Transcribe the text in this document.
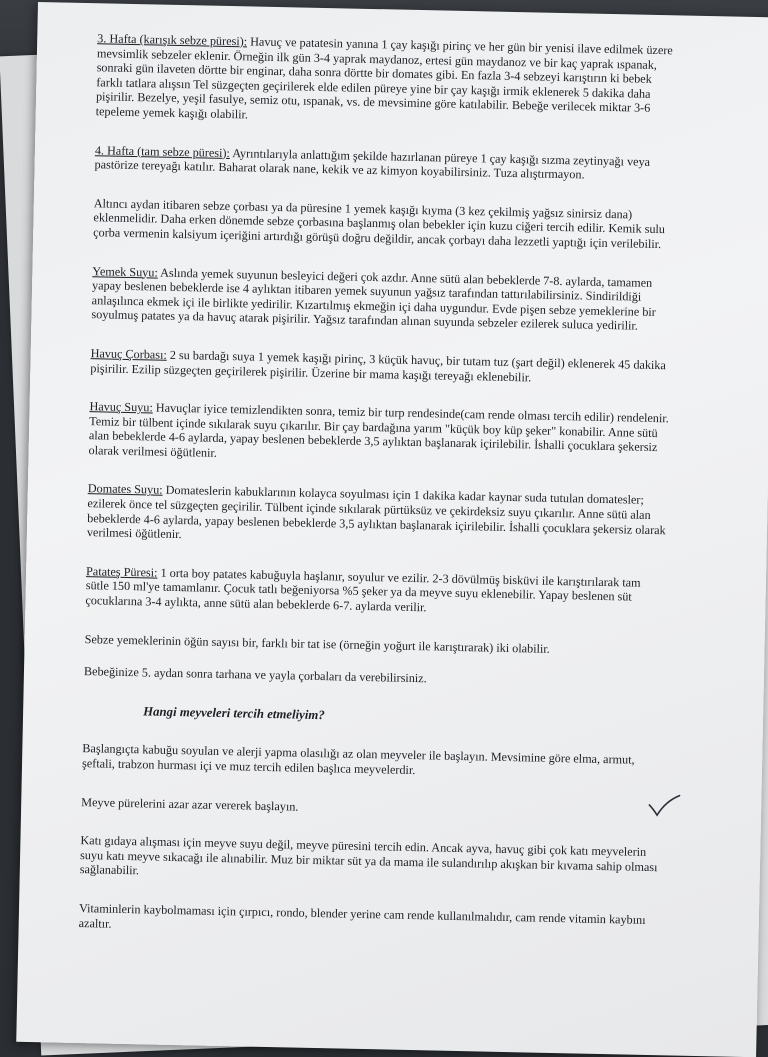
3. Hafta (karışık sebze püresi): Havuç ve patatesin yanına 1 çay kaşığı pirinç ve her gün bir yenisi ilave edilmek üzere mevsimlik sebzeler eklenir. Örneğin ilk gün 3-4 yaprak maydanoz, ertesi gün maydanoz ve bir kaç yaprak ıspanak, sonraki gün ilaveten dörtte bir enginar, daha sonra dörtte bir domates gibi. En fazla 3-4 sebzeyi karıştırın ki bebek farklı tatlara alışsın Tel süzgeçten geçirilerek elde edilen püreye yine bir çay kaşığı irmik eklenerek 5 dakika daha pişirilir. Bezelye, yeşil fasulye, semiz otu, ıspanak, vs. de mevsimine göre katılabilir. Bebeğe verilecek miktar 3-6 tepeleme yemek kaşığı olabilir.

4. Hafta (tam sebze püresi): Ayrıntılarıyla anlattığım şekilde hazırlanan püreye 1 çay kaşığı sızma zeytinyağı veya pastörize tereyağı katılır. Baharat olarak nane, kekik ve az kimyon koyabilirsiniz. Tuza alıştırmayon.

Altıncı aydan itibaren sebze çorbası ya da püresine 1 yemek kaşığı kıyma (3 kez çekilmiş yağsız sinirsiz dana) eklenmelidir. Daha erken dönemde sebze çorbasına başlanmış olan bebekler için kuzu ciğeri tercih edilir. Kemik sulu çorba vermenin kalsiyum içeriğini artırdığı görüşü doğru değildir, ancak çorbayı daha lezzetli yaptığı için verilebilir.

Yemek Suyu: Aslında yemek suyunun besleyici değeri çok azdır. Anne sütü alan bebeklerde 7-8. aylarda, tamamen yapay beslenen bebeklerde ise 4 aylıktan itibaren yemek suyunun yağsız tarafından tattırılabilirsiniz. Sindirildiği anlaşılınca ekmek içi ile birlikte yedirilir. Kızartılmış ekmeğin içi daha uygundur. Evde pişen sebze yemeklerine bir soyulmuş patates ya da havuç atarak pişirilir. Yağsız tarafından alınan suyunda sebzeler ezilerek suluca yedirilir.

Havuç Çorbası: 2 su bardağı suya 1 yemek kaşığı pirinç, 3 küçük havuç, bir tutam tuz (şart değil) eklenerek 45 dakika pişirilir. Ezilip süzgeçten geçirilerek pişirilir. Üzerine bir mama kaşığı tereyağı eklenebilir.

Havuç Suyu: Havuçlar iyice temizlendikten sonra, temiz bir turp rendesinde(cam rende olması tercih edilir) rendelenir. Temiz bir tülbent içinde sıkılarak suyu çıkarılır. Bir çay bardağına yarım "küçük boy küp şeker" konabilir. Anne sütü alan bebeklerde 4-6 aylarda, yapay beslenen bebeklerde 3,5 aylıktan başlanarak içirilebilir. İshalli çocuklara şekersiz olarak verilmesi öğütlenir.

Domates Suyu: Domateslerin kabuklarının kolayca soyulması için 1 dakika kadar kaynar suda tutulan domatesler; ezilerek önce tel süzgeçten geçirilir. Tülbent içinde sıkılarak pürtüksüz ve çekirdeksiz suyu çıkarılır. Anne sütü alan bebeklerde 4-6 aylarda, yapay beslenen bebeklerde 3,5 aylıktan başlanarak içirilebilir. İshalli çocuklara şekersiz olarak verilmesi öğütlenir.

Patateş Püresi: 1 orta boy patates kabuğuyla haşlanır, soyulur ve ezilir. 2-3 dövülmüş bisküvi ile karıştırılarak tam sütle 150 ml'ye tamamlanır. Çocuk tatlı beğeniyorsa %5 şeker ya da meyve suyu eklenebilir. Yapay beslenen süt çocuklarına 3-4 aylıkta, anne sütü alan bebeklerde 6-7. aylarda verilir.

Sebze yemeklerinin öğün sayısı bir, farklı bir tat ise (örneğin yoğurt ile karıştırarak) iki olabilir.

Bebeğinize 5. aydan sonra tarhana ve yayla çorbaları da verebilirsiniz.

Hangi meyveleri tercih etmeliyim?

Başlangıçta kabuğu soyulan ve alerji yapma olasılığı az olan meyveler ile başlayın. Mevsimine göre elma, armut, şeftali, trabzon hurması içi ve muz tercih edilen başlıca meyvelerdir.

Meyve pürelerini azar azar vererek başlayın.

Katı gıdaya alışması için meyve suyu değil, meyve püresini tercih edin. Ancak ayva, havuç gibi çok katı meyvelerin suyu katı meyve sıkacağı ile alınabilir. Muz bir miktar süt ya da mama ile sulandırılıp akışkan bir kıvama sahip olması sağlanabilir.

Vitaminlerin kaybolmaması için çırpıcı, rondo, blender yerine cam rende kullanılmalıdır, cam rende vitamin kaybını azaltır.
